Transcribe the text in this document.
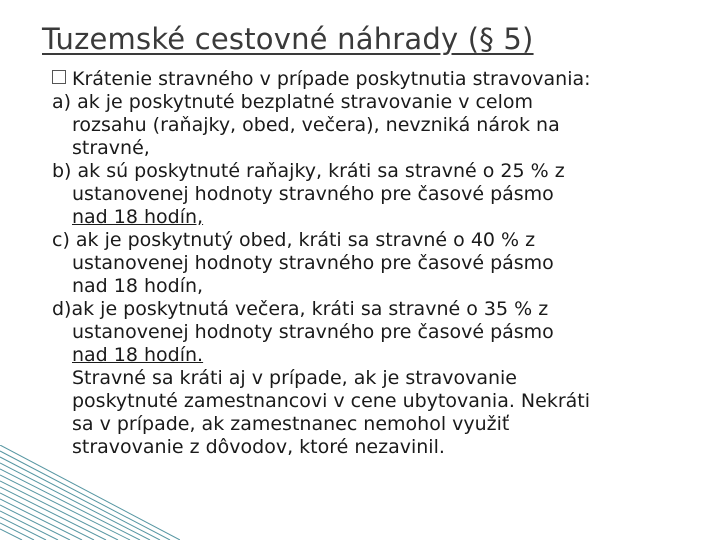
Tuzemské cestovné náhrady (§ 5)
Krátenie stravného v prípade poskytnutia stravovania:
a) ak je poskytnuté bezplatné stravovanie v celom
rozsahu (raňajky, obed, večera), nevzniká nárok na
stravné,
b) ak sú poskytnuté raňajky, kráti sa stravné o 25 % z
ustanovenej hodnoty stravného pre časové pásmo
nad 18 hodín,
c) ak je poskytnutý obed, kráti sa stravné o 40 % z
ustanovenej hodnoty stravného pre časové pásmo
nad 18 hodín,
d)ak je poskytnutá večera, kráti sa stravné o 35 % z
ustanovenej hodnoty stravného pre časové pásmo
nad 18 hodín.
Stravné sa kráti aj v prípade, ak je stravovanie
poskytnuté zamestnancovi v cene ubytovania. Nekráti
sa v prípade, ak zamestnanec nemohol využiť
stravovanie z dôvodov, ktoré nezavinil.
